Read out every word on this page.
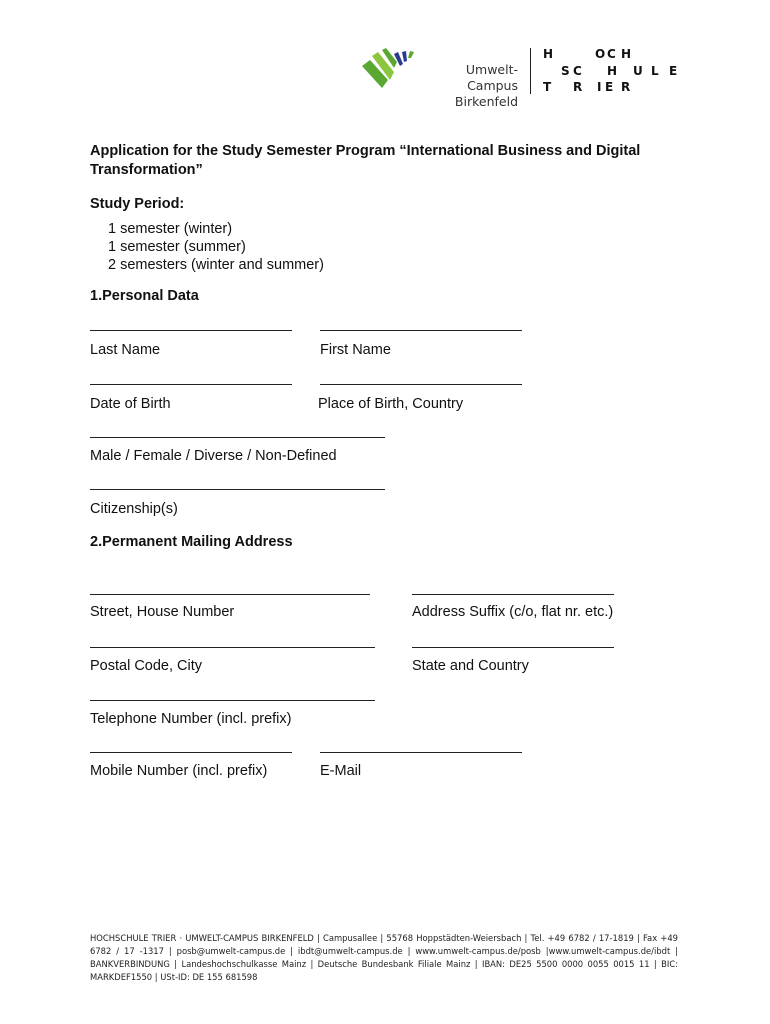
Umwelt-Campus
Birkenfeld
H	O C H
S C H U L E
T R I E R
Application for the Study Semester Program “International Business and Digital Transformation”
Study Period:
1 semester (winter)
1 semester (summer)
2 semesters (winter and summer)
1.Personal Data
Last Name	First Name
Date of Birth	Place of Birth, Country
Male / Female / Diverse / Non-Defined
Citizenship(s)
2.Permanent Mailing Address
Street, House Number	Address Suffix (c/o, flat nr. etc.)
Postal Code, City	State and Country
Telephone Number (incl. prefix)
Mobile Number (incl. prefix)	E-Mail
HOCHSCHULE TRIER · UMWELT-CAMPUS BIRKENFELD | Campusallee | 55768 Hoppstädten-Weiersbach | Tel. +49 6782 / 17-1819 | Fax +49 6782 / 17 -1317 | posb@umwelt-campus.de | ibdt@umwelt-campus.de | www.umwelt-campus.de/posb |www.umwelt-campus.de/ibdt | BANKVERBINDUNG | Landeshochschulkasse Mainz | Deutsche Bundesbank Filiale Mainz | IBAN: DE25 5500 0000 0055 0015 11 | BIC: MARKDEF1550 | USt-ID: DE 155 681598
